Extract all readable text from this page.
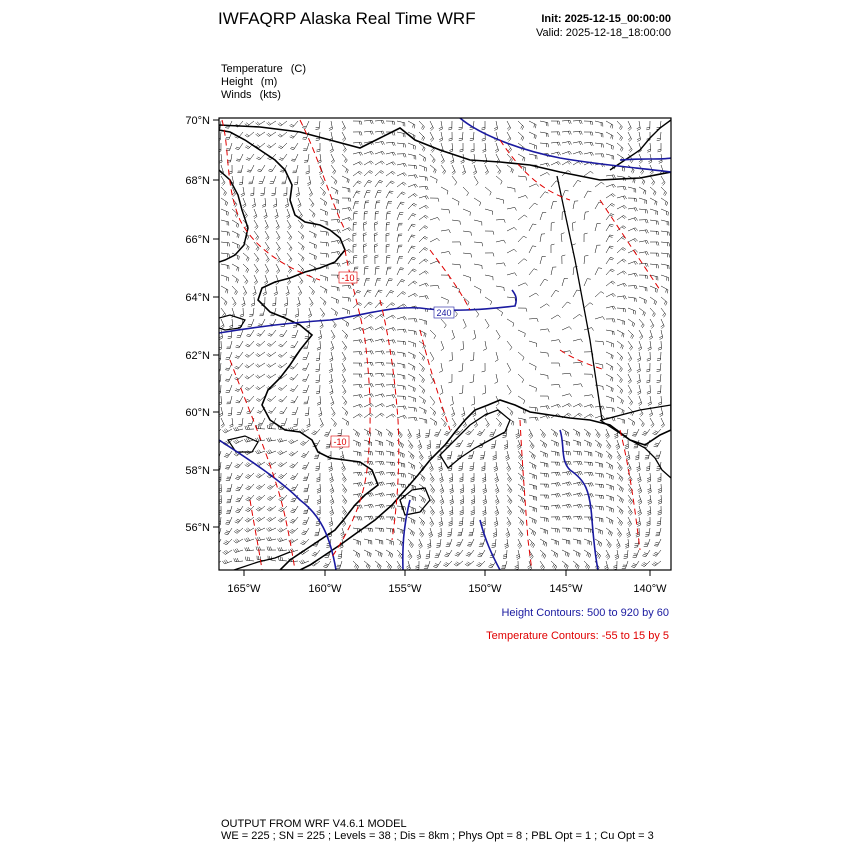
IWFAQRP Alaska Real Time WRF	Init: 2025-12-15_00:00:00
Valid: 2025-12-18_18:00:00
Temperature (C)
Height (m)
Winds (kts)
-10
-10
240
70°N
68°N
66°N
64°N
62°N
60°N
58°N
56°N
165°W	160°W	155°W	150°W	145°W	140°W
Height Contours: 500 to 920 by 60
Temperature Contours: -55 to 15 by 5
OUTPUT FROM WRF V4.6.1 MODEL
WE = 225 ; SN = 225 ; Levels = 38 ; Dis = 8km ; Phys Opt = 8 ; PBL Opt = 1 ; Cu Opt = 3
